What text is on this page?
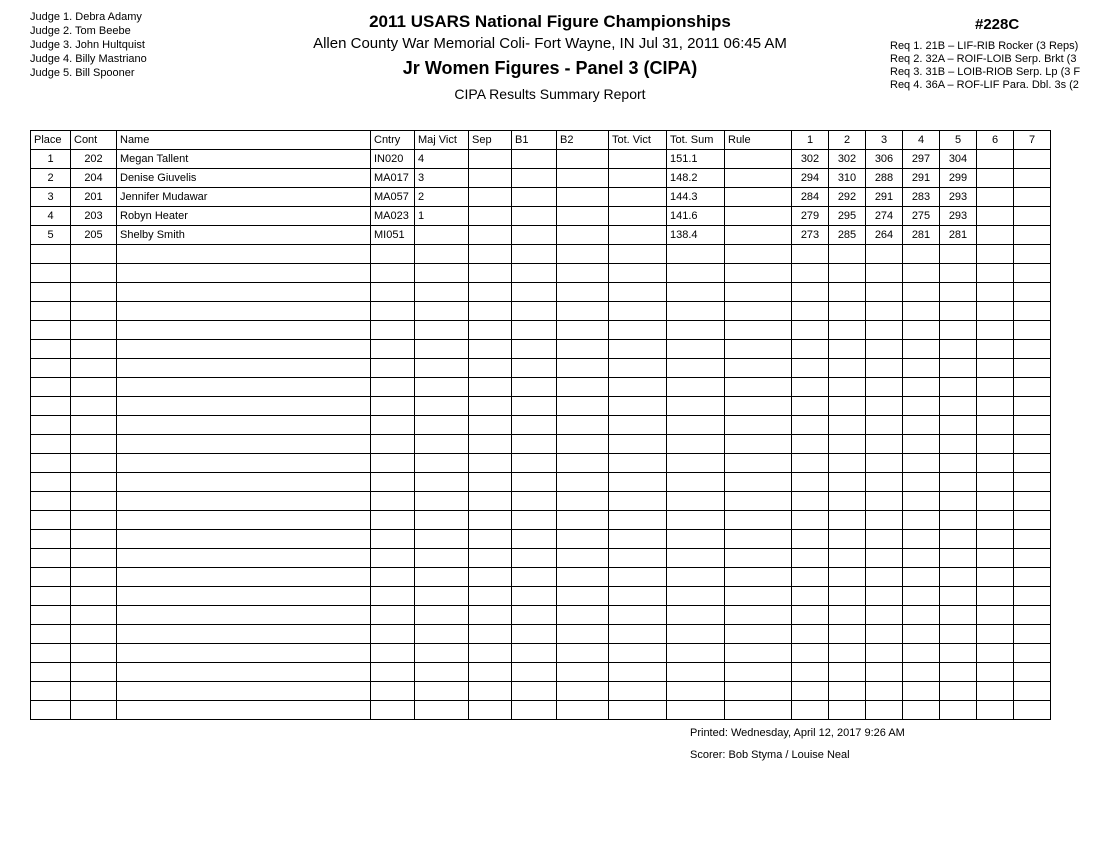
Judge 1. Debra Adamy
Judge 2. Tom Beebe
Judge 3. John Hultquist
Judge 4. Billy Mastriano
Judge 5. Bill Spooner
2011 USARS National Figure Championships
Allen County War Memorial Coli- Fort Wayne, IN Jul 31, 2011 06:45 AM
Jr Women Figures - Panel 3 (CIPA)
CIPA Results Summary Report
#228C
Req 1. 21B – LIF-RIB Rocker (3 Reps)
Req 2. 32A – ROIF-LOIB Serp. Brkt (3
Req 3. 31B – LOIB-RIOB Serp. Lp (3 F
Req 4. 36A – ROF-LIF Para. Dbl. 3s (2
Place	Cont	Name	Cntry	Maj Vict	Sep	B1	B2	Tot. Vict	Tot. Sum	Rule	1	2	3	4	5	6	7
1	202	Megan Tallent	IN020	4					151.1		302	302	306	297	304		
2	204	Denise Giuvelis	MA017	3					148.2		294	310	288	291	299		
3	201	Jennifer Mudawar	MA057	2					144.3		284	292	291	283	293		
4	203	Robyn Heater	MA023	1					141.6		279	295	274	275	293		
5	205	Shelby Smith	MI051						138.4		273	285	264	281	281		

Printed: Wednesday, April 12, 2017 9:26 AM
Scorer: Bob Styma / Louise Neal
